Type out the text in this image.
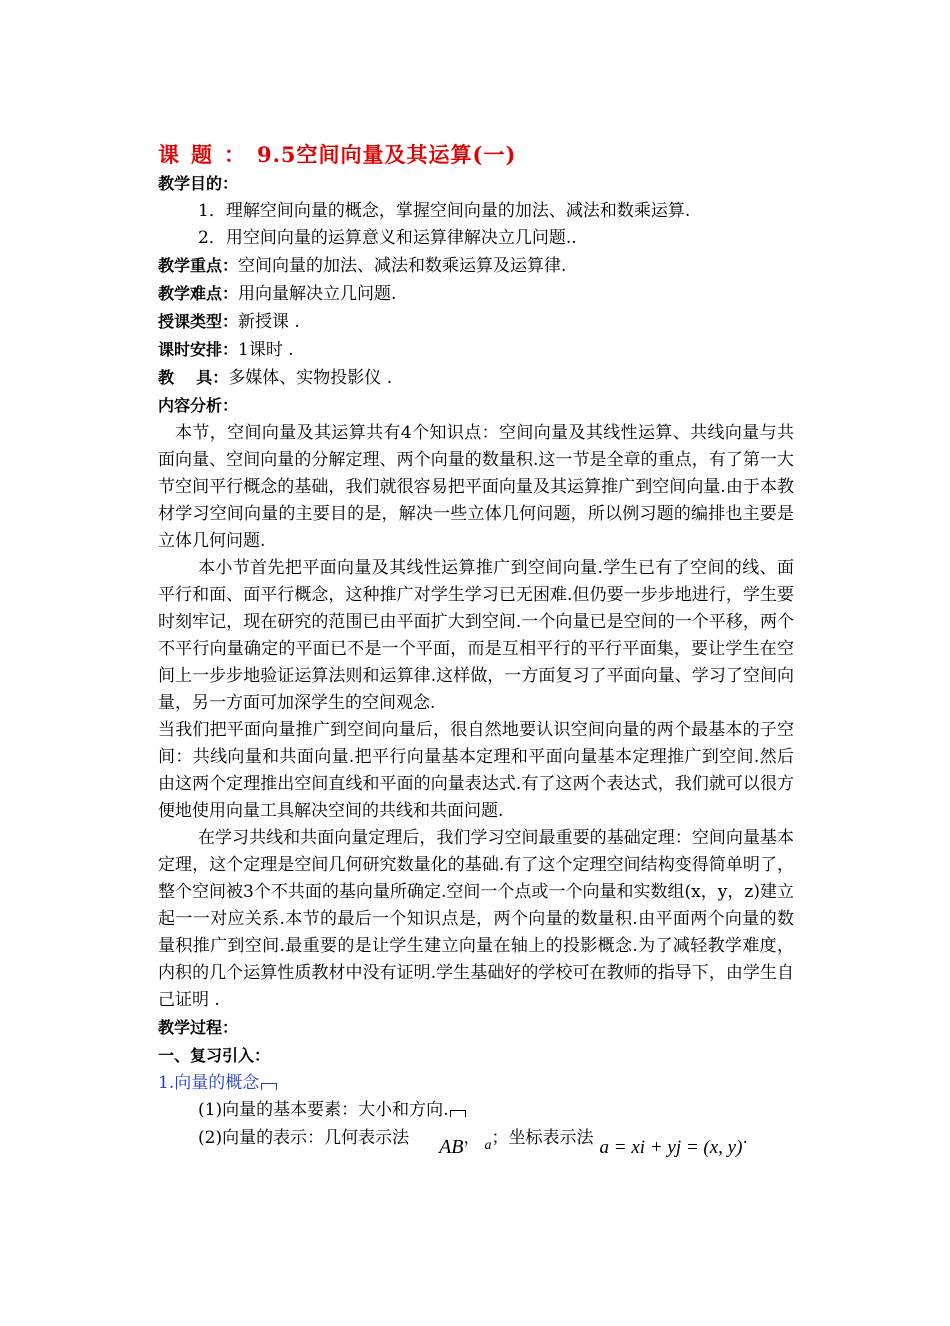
课题：9.5空间向量及其运算(一)
教学目的：
1．理解空间向量的概念，掌握空间向量的加法、减法和数乘运算.
2．用空间向量的运算意义和运算律解决立几问题..
教学重点：空间向量的加法、减法和数乘运算及运算律.
教学难点：用向量解决立几问题.
授课类型：新授课 .
课时安排：1课时 .
教    具：多媒体、实物投影仪 .
内容分析：

本节，空间向量及其运算共有4个知识点：空间向量及其线性运算、共线向量与共面向量、空间向量的分解定理、两个向量的数量积.这一节是全章的重点，有了第一大节空间平行概念的基础，我们就很容易把平面向量及其运算推广到空间向量.由于本教材学习空间向量的主要目的是，解决一些立体几何问题，所以例习题的编排也主要是立体几何问题.

本小节首先把平面向量及其线性运算推广到空间向量.学生已有了空间的线、面平行和面、面平行概念，这种推广对学生学习已无困难.但仍要一步步地进行，学生要时刻牢记，现在研究的范围已由平面扩大到空间.一个向量已是空间的一个平移，两个不平行向量确定的平面已不是一个平面，而是互相平行的平行平面集，要让学生在空间上一步步地验证运算法则和运算律.这样做，一方面复习了平面向量、学习了空间向量，另一方面可加深学生的空间观念.

当我们把平面向量推广到空间向量后，很自然地要认识空间向量的两个最基本的子空间：共线向量和共面向量.把平行向量基本定理和平面向量基本定理推广到空间.然后由这两个定理推出空间直线和平面的向量表达式.有了这两个表达式，我们就可以很方便地使用向量工具解决空间的共线和共面问题.

在学习共线和共面向量定理后，我们学习空间最重要的基础定理：空间向量基本定理，这个定理是空间几何研究数量化的基础.有了这个定理空间结构变得简单明了，整个空间被3个不共面的基向量所确定.空间一个点或一个向量和实数组(x，y，z)建立起一一对应关系.本节的最后一个知识点是，两个向量的数量积.由平面两个向量的数量积推广到空间.最重要的是让学生建立向量在轴上的投影概念.为了减轻教学难度，内积的几个运算性质教材中没有证明.学生基础好的学校可在教师的指导下，由学生自己证明 .

教学过程：
一、复习引入：
1.向量的概念
(1)向量的基本要素：大小和方向.
(2)向量的表示：几何表示法 AB， $_a$；坐标表示法 a = xi + yj = (x, y).
